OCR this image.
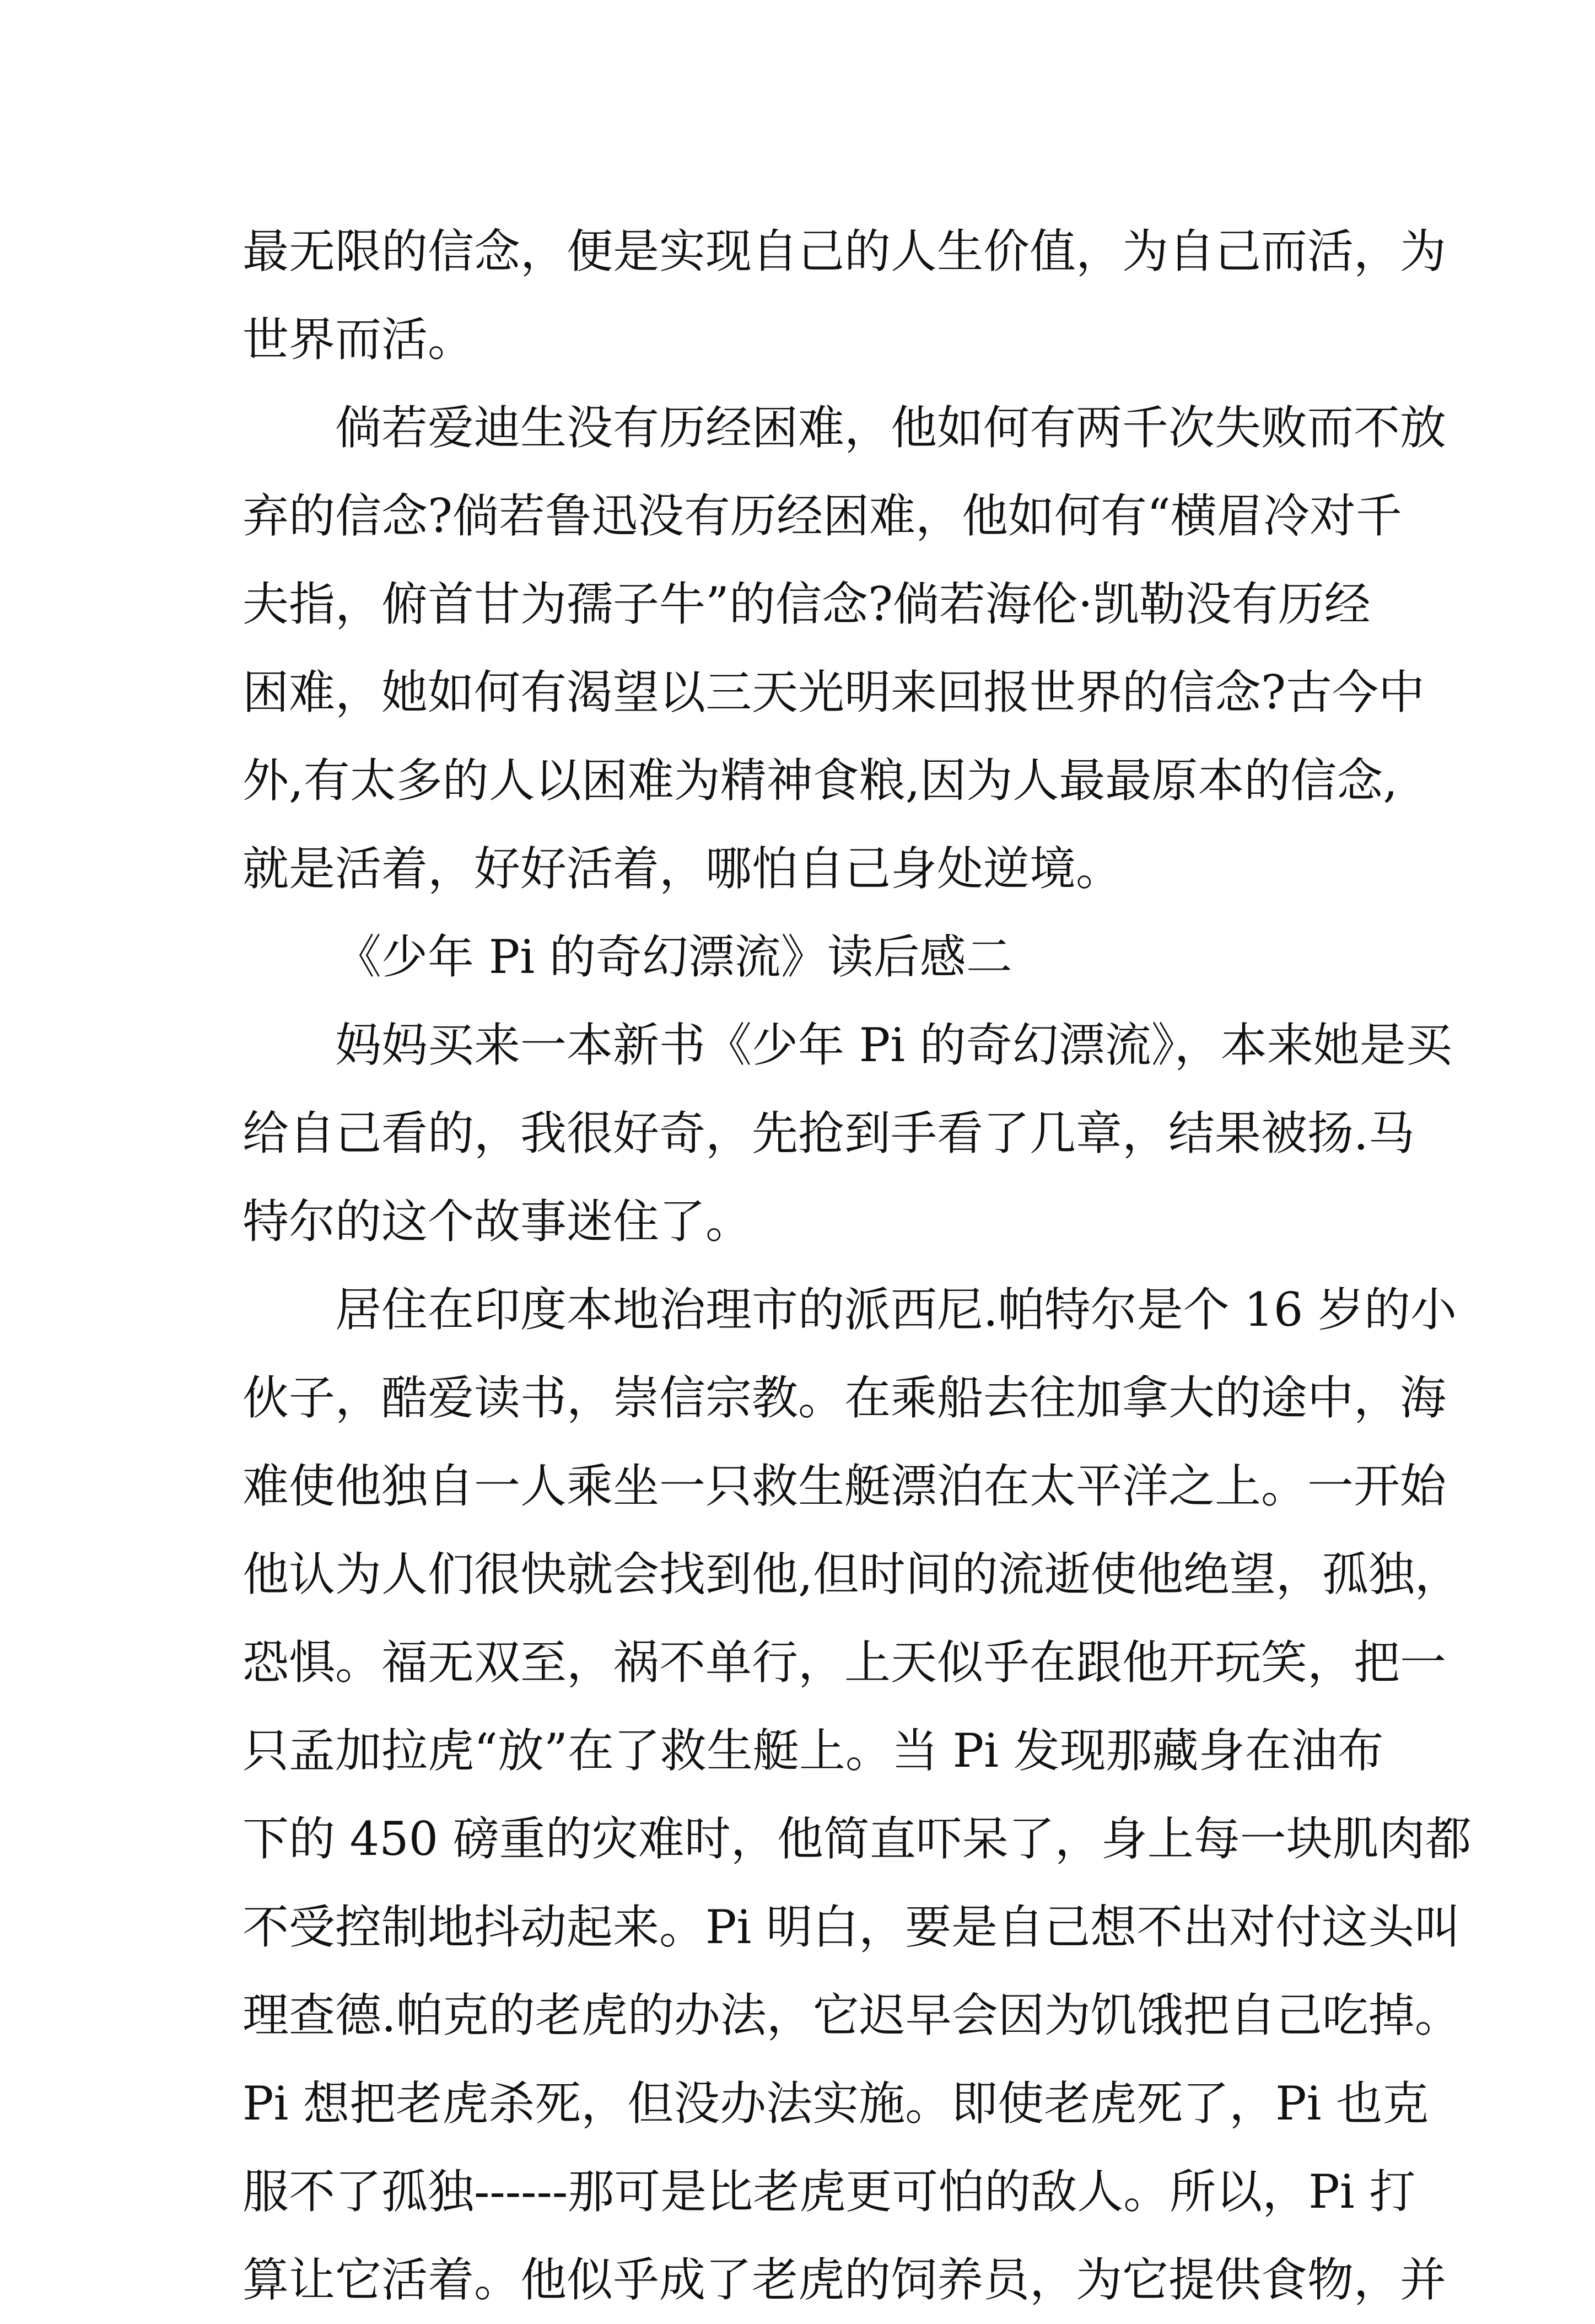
最无限的信念，便是实现自己的人生价值，为自己而活，为
世界而活。
倘若爱迪生没有历经困难，他如何有两千次失败而不放
弃的信念?倘若鲁迅没有历经困难，他如何有“横眉冷对千
夫指，俯首甘为孺子牛”的信念?倘若海伦·凯勒没有历经
困难，她如何有渴望以三天光明来回报世界的信念?古今中
外,有太多的人以困难为精神食粮,因为人最最原本的信念,
就是活着，好好活着，哪怕自己身处逆境。
《少年 Pi 的奇幻漂流》读后感二
妈妈买来一本新书《少年 Pi 的奇幻漂流》，本来她是买
给自己看的，我很好奇，先抢到手看了几章，结果被扬.马
特尔的这个故事迷住了。
居住在印度本地治理市的派西尼.帕特尔是个 16 岁的小
伙子，酷爱读书，崇信宗教。在乘船去往加拿大的途中，海
难使他独自一人乘坐一只救生艇漂泊在太平洋之上。一开始
他认为人们很快就会找到他,但时间的流逝使他绝望，孤独，
恐惧。福无双至，祸不单行，上天似乎在跟他开玩笑，把一
只孟加拉虎“放”在了救生艇上。当 Pi 发现那藏身在油布
下的 450 磅重的灾难时，他简直吓呆了，身上每一块肌肉都
不受控制地抖动起来。Pi 明白，要是自己想不出对付这头叫
理查德.帕克的老虎的办法，它迟早会因为饥饿把自己吃掉。
Pi 想把老虎杀死，但没办法实施。即使老虎死了，Pi 也克
服不了孤独------那可是比老虎更可怕的敌人。所以，Pi 打
算让它活着。他似乎成了老虎的饲养员，为它提供食物，并
